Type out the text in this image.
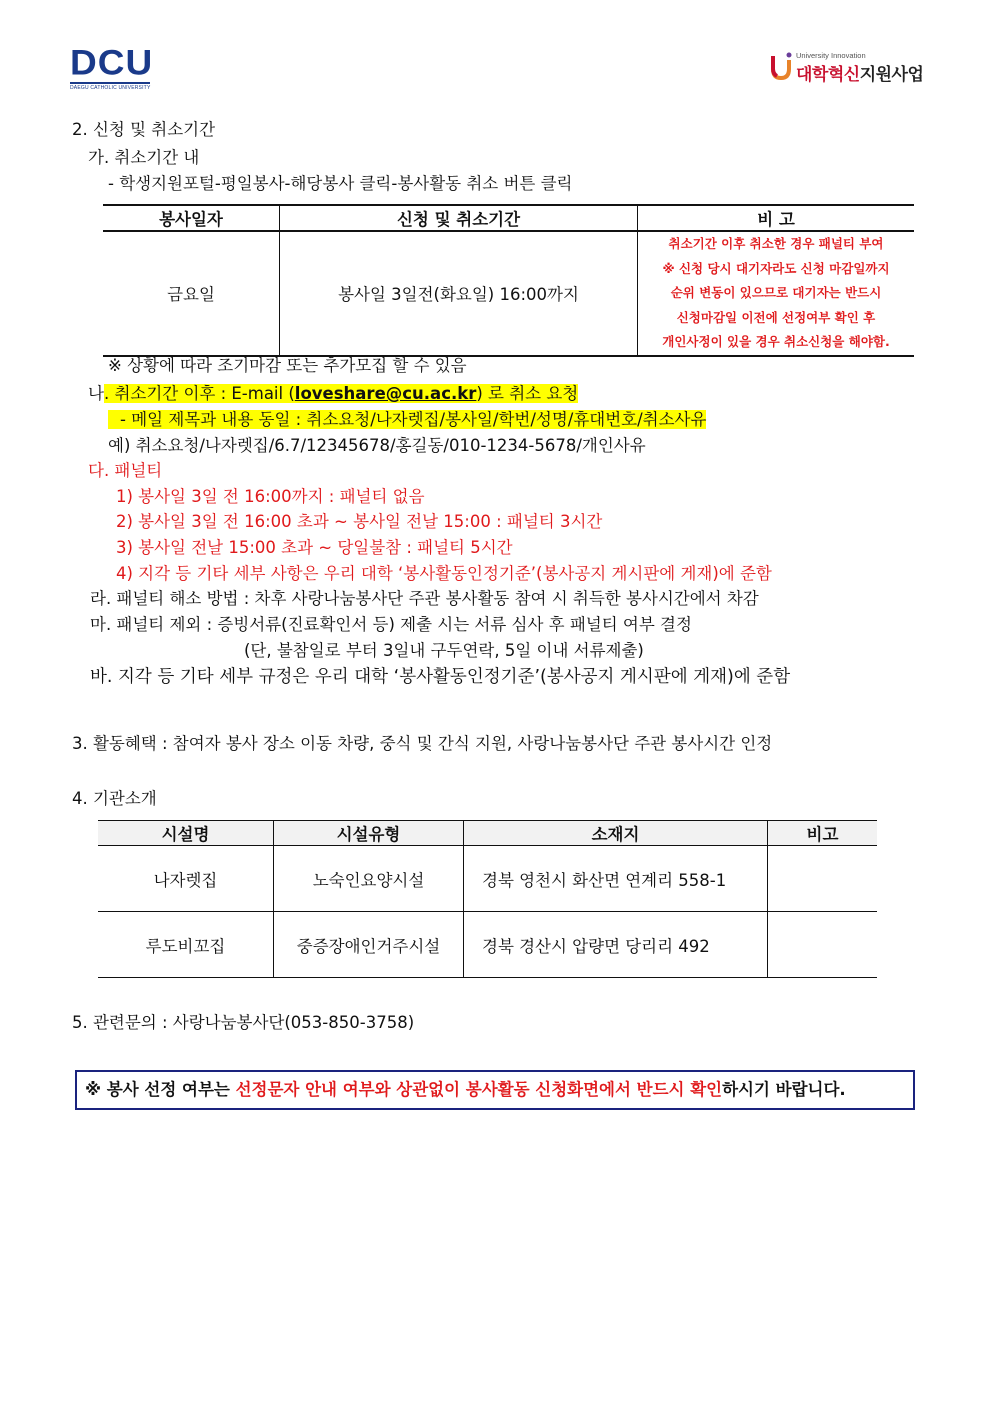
DCU
DAEGU CATHOLIC UNIVERSITY
University Innovation
대학혁신지원사업
2. 신청 및 취소기간
가. 취소기간 내
- 학생지원포털-평일봉사-해당봉사 클릭-봉사활동 취소 버튼 클릭
봉사일자	신청 및 취소기간	비 고
금요일	봉사일 3일전(화요일) 16:00까지	취소기간 이후 취소한 경우 패널티 부여
※ 신청 당시 대기자라도 신청 마감일까지
순위 변동이 있으므로 대기자는 반드시
신청마감일 이전에 선정여부 확인 후
개인사정이 있을 경우 취소신청을 해야함.
※ 상황에 따라 조기마감 또는 추가모집 할 수 있음
나. 취소기간 이후 : E-mail (loveshare@cu.ac.kr) 로 취소 요청
- 메일 제목과 내용 동일 : 취소요청/나자렛집/봉사일/학번/성명/휴대번호/취소사유
예) 취소요청/나자렛집/6.7/12345678/홍길동/010-1234-5678/개인사유
다. 패널티
1) 봉사일 3일 전 16:00까지 : 패널티 없음
2) 봉사일 3일 전 16:00 초과 ~ 봉사일 전날 15:00 : 패널티 3시간
3) 봉사일 전날 15:00 초과 ~ 당일불참 : 패널티 5시간
4) 지각 등 기타 세부 사항은 우리 대학 ‘봉사활동인정기준’(봉사공지 게시판에 게재)에 준함
라. 패널티 해소 방법 : 차후 사랑나눔봉사단 주관 봉사활동 참여 시 취득한 봉사시간에서 차감
마. 패널티 제외 : 증빙서류(진료확인서 등) 제출 시는 서류 심사 후 패널티 여부 결정
(단, 불참일로 부터 3일내 구두연락, 5일 이내 서류제출)
바. 지각 등 기타 세부 규정은 우리 대학 ‘봉사활동인정기준’(봉사공지 게시판에 게재)에 준함
3. 활동혜택 : 참여자 봉사 장소 이동 차량, 중식 및 간식 지원, 사랑나눔봉사단 주관 봉사시간 인정
4. 기관소개
시설명	시설유형	소재지	비고
나자렛집	노숙인요양시설	경북 영천시 화산면 연계리 558-1	
루도비꼬집	중증장애인거주시설	경북 경산시 압량면 당리리 492	
5. 관련문의 : 사랑나눔봉사단(053-850-3758)
※ 봉사 선정 여부는 선정문자 안내 여부와 상관없이 봉사활동 신청화면에서 반드시 확인하시기 바랍니다.
